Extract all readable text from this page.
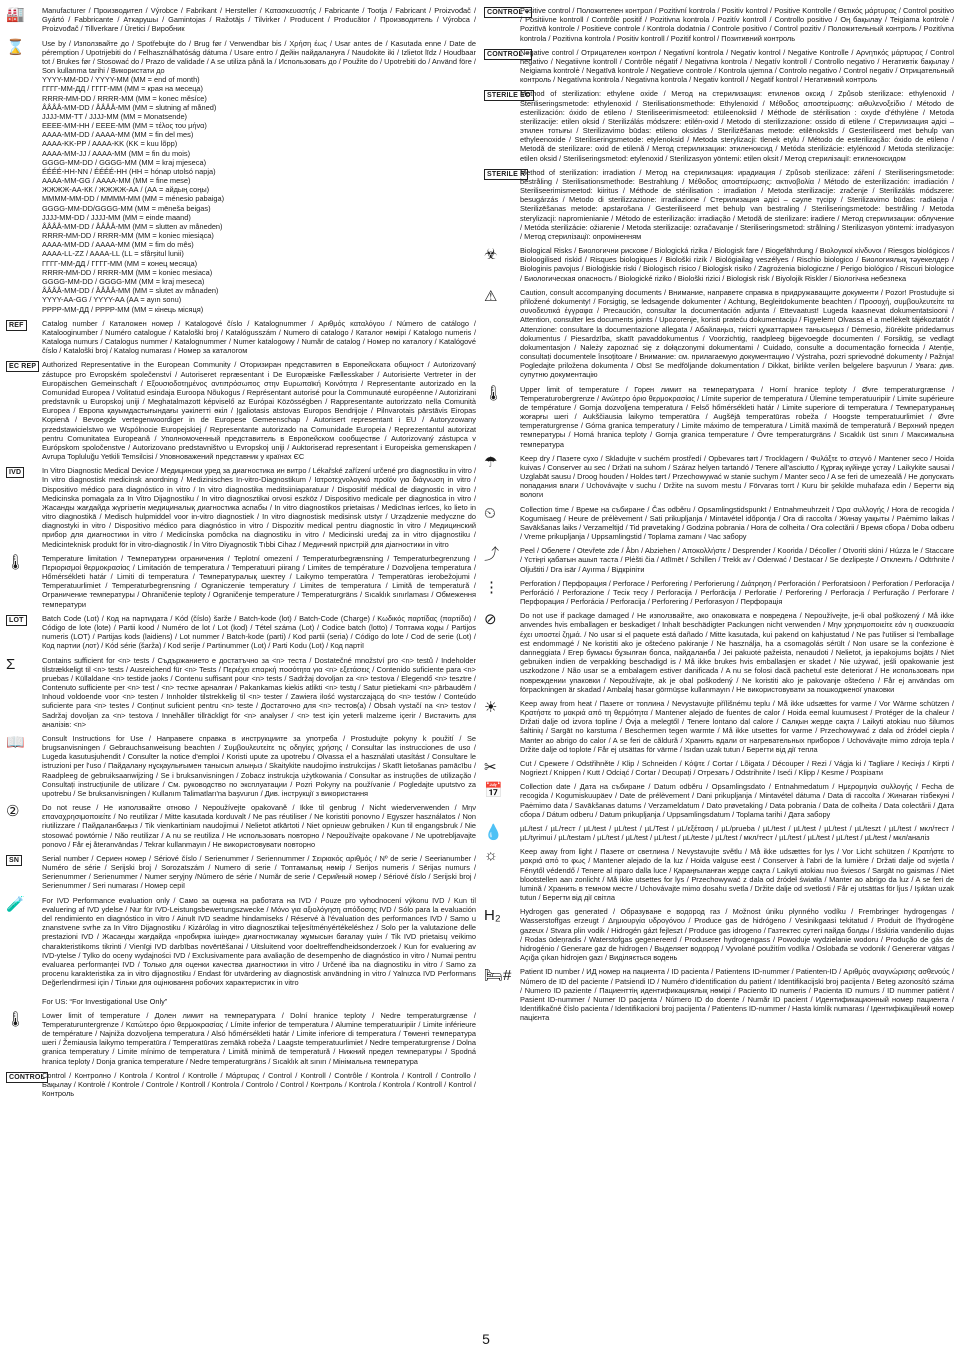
🏭 Manufacturer / Производител / Výrobce / Fabrikant / Hersteller / Κατασκευαστής / Fabricante / Tootja / Fabricant / Proizvođač / Gyártó / Fabbricante / Аткарушы / Gamintojas / Ražotājs / Tilvirker / Producent / Producător / Производитель / Výrobca / Proizvođač / Tillverkare / Üretici / Виробник
⌛ Use by / Използвайте до / Spotřebujte do / Brug før / Verwendbar bis / Χρήση έως / Usar antes de / Kasutada enne / Date de péremption / Upotrijebiti do / Felhasználhatóság dátuma / Usare entro / Дейін пайдалануға / Naudokite iki / Izlietot līdz / Houdbaar tot / Brukes før / Stosować do / Prazo de validade / A se utiliza până la / Использовать до / Použite do / Upotrebiti do / Använd före / Son kullanma tarihi / Використати до
YYYY-MM-DD / YYYY-MM (MM = end of month)
ГГГГ-ММ-ДД / ГГГГ-ММ (ММ = края на месеца)
RRRR-MM-DD / RRRR-MM (MM = konec měsíce)
ÅÅÅÅ-MM-DD / ÅÅÅÅ-MM (MM = slutning af måned)
JJJJ-MM-TT / JJJJ-MM (MM = Monatsende)
ΕΕΕΕ-ΜΜ-ΗΗ / ΕΕΕΕ-ΜΜ (ΜΜ = τέλος του μήνα)
AAAA-MM-DD / AAAA-MM (MM = fin del mes)
AAAA-KK-PP / AAAA-KK (KK = kuu lõpp)
AAAA-MM-JJ / AAAA-MM (MM = fin du mois)
GGGG-MM-DD / GGGG-MM (MM = kraj mjeseca)
ÉÉÉÉ-HH-NN / ÉÉÉÉ-HH (HH = hónap utolsó napja)
AAAA-MM-GG / AAAA-MM (MM = fine mese)
ЖЖЖЖ-АА-КК / ЖЖЖЖ-АА / (АА = айдың соңы)
MMMM-MM-DD / MMMM-MM (MM = ménesio pabaiga)
GGGG-MM-DD/GGGG-MM (MM = mēneša beigas)
JJJJ-MM-DD / JJJJ-MM (MM = einde maand)
ÅÅÅÅ-MM-DD / ÅÅÅÅ-MM (MM = slutten av måneden)
RRRR-MM-DD / RRRR-MM (MM = koniec miesiąca)
AAAA-MM-DD / AAAA-MM (MM = fim do mês)
AAAA-LL-ZZ / AAAA-LL (LL = sfârșitul lunii)
ГГГГ-ММ-ДД / ГГГГ-ММ (ММ = конец месяца)
RRRR-MM-DD / RRRR-MM (MM = koniec mesiaca)
GGGG-MM-DD / GGGG-MM (MM = kraj meseca)
ÅÅÅÅ-MM-DD / ÅÅÅÅ-MM (MM = slutet av månaden)
YYYY-AA-GG / YYYY-AA (AA = ayın sonu)
РРРР-ММ-ДД / РРРР-ММ (ММ = кінець місяця)
REF	Catalog number / Каталожен номер / Katalogové číslo / Katalognummer / Αριθμός καταλόγου / Número de catálogo / Katalooginumber / Numéro catalogue / Kataloški broj / Katalógusszám / Numero di catalogo / Каталог нөмірі / Katalogo numeris / Kataloga numurs / Catalogus nummer / Katalognummer / Numer katalogowy / Număr de catalog / Номер по каталогу / Katalógové číslo / Kataloški broj / Katalog numarası / Номер за каталогом
EC REP Authorized Representative in the European Community / Оторизиран представител в Европейската общност / Autorizovaný zástupce pro Evropském společenství / Autoriseret repræsentant i De Europæiske Fællesskaber / Autorisierte Vertreter in der Europäischen Gemeinschaft / Εξουσιοδοτημένος αντιπρόσωπος στην Ευρωπαϊκή Κοινότητα / Representante autorizado en la Comunidad Europea / Volitatud esindaja Euroopa Nõukogus / Représentant autorisé pour la Communauté européenne / Autorizirani predstavnik u Europskoj uniji / Meghatalmazott képviselő az Európai Közösségben / Rappresentante autorizzato nella Comunità Europea / Европа қауымдастығындағы уәкілетті өкіл / Įgaliotasis atstovas Europos Bendrijoje / Pilnvarotais pārstāvis Eiropas Kopienā / Bevoegde vertegenwoordiger in de Europese Gemeenschap / Autorisert representant i EU / Autoryzowany przedstawicielstwo we Wspólnocie Europejskiej / Representante autorizado na Comunidade Europeia / Reprezentantul autorizat pentru Comunitatea Europeană / Уполномоченный представитель в Европейском сообществе / Autorizovaný zástupca v Európskom spoločenstve / Autorizovano predstavništvo u Evropskoj uniji / Auktoriserad representant i Europeiska gemenskapen / Avrupa Topluluğu Yetkili Temsilcisi / Уповноважений представник у країнах ЄС
IVD	In Vitro Diagnostic Medical Device / Медицински уред за диагностика ин витро / Lékařské zařízení určené pro diagnostiku in vitro / In vitro diagnostisk medicinsk anordning / Medizinisches In-vitro-Diagnostikum / Ιατροτεχνολογικό προϊόν για διάγνωση in vitro / Dispositivo médico para diagnóstico in vitro / In vitro diagnostika meditsiiniaparatuur / Dispositif médical de diagnostic in vitro / Medicinska pomagala za In Vitro Dijagnostiku / In vitro diagnosztikai orvosi eszköz / Dispositivo medicale per diagnostica in vitro / Жасанды жағдайда жүргізетін медициналық диагностика аспабы / In vitro diagnostikos prietaisas / Medicīnas ierīces, ko lieto in vitro diagnostikā / Medisch hulpmiddel voor in-vitro diagnostiek / In vitro diagnostisk medisinsk utstyr / Urządzenie medyczne do diagnostyki in vitro / Dispositivo médico para diagnóstico in vitro / Dispozitiv medical pentru diagnostic în vitro / Медицинский прибор для диагностики in vitro / Medicínska pomôcka na diagnostiku in vitro / Medicinski uređaj za in vitro dijagnostiku / Medicinteknisk produkt för in vitro-diagnostik / İn Vitro Diyagnostik Tıbbi Cihaz / Медичний пристрій для діагностики in vitro
🌡 Temperature limitation / Температурни ограничения / Teplotní omezení / Temperaturbegrænsning / Temperaturbegrenzung / Περιορισμοί θερμοκρασίας / Limitación de temperatura / Temperatuuri piirang / Limites de température / Dozvoljena temperatura / Hőmérsékleti határ / Limiti di temperatura / Температуралық шектеу / Laikymo temperatūra / Temperatūras ierobežojumi / Temperatuurlimiet / Temperaturbegrensning / Ograniczenie temperatury / Limites de temperatura / Limită de temperatură / Ограничение температуры / Ohraničenie teploty / Ograničenje temperature / Temperaturgräns / Sıcaklık sınırlaması / Обмеження температури
LOT	Batch Code (Lot) / Код на партидата / Kód (číslo) šarže / Batch-kode (lot) / Batch-Code (Charge) / Κωδικός παρτίδας (παρτίδα) / Código de lote (lote) / Partii kood / Numéro de lot / Lot (kod) / Tétel száma (Lot) / Codice batch (lotto) / Топтама коды / Partijos numeris (LOT) / Partijas kods (laidiens) / Lot nummer / Batch-kode (parti) / Kod partii (seria) / Código do lote / Cod de serie (Lot) / Код партии (лот) / Kód série (šarža) / Kod serije / Partinummer (Lot) / Parti Kodu (Lot) / Код партії
Σ	Contains sufficient for <n> tests / Съдържанието е достатъчно за <n> теста / Dostatečné množství pro <n> testů / Indeholder tilstrækkeligt til <n> tests / Ausreichend für <n> Tests / Περιέχει επαρκή ποσότητα για <n> εξετάσεις / Contenido suficiente para <n> pruebas / Küllaldane <n> testide jaoks / Contenu suffisant pour <n> tests / Sadržaj dovoljan za <n> testova / Elegendő <n> tesztre / Contenuto sufficiente per <n> test / <n> тестке арналған / Pakankamas kiekis atlikti <n> testų / Satur pietiekami <n> pārbaudēm / Inhoud voldoende voor <n> testen / Innholder tilstrekkelig til <n> tester / Zawiera ilość wystarczającą do <n> testów / Conteúdo suficiente para <n> testes / Conținut suficient pentru <n> teste / Достаточно для <n> тестов(а) / Obsah vystačí na <n> testov / Sadržaj dovoljan za <n> testova / Innehåller tillräckligt för <n> analyser / <n> test için yeterli malzeme içerir / Вистачить для аналізів: <n>
📖 Consult Instructions for Use / Направете справка в инструкциите за употреба / Prostudujte pokyny k použití / Se brugsanvisningen / Gebrauchsanweisung beachten / Συμβουλευτείτε τις οδηγίες χρήσης / Consultar las instrucciones de uso / Lugeda kasutusjuhendit / Consulter la notice d'emploi / Koristi upute za upotrebu / Olvassa el a használati utasítást / Consultare le istruzioni per l'uso / Пайдалану нұсқаулығымен танысып алыңыз / Skaitykite naudojimo instrukcijas / Skatīt lietošanas pamācību / Raadpleeg de gebruiksaanwijzing / Se i bruksanvisningen / Zobacz instrukcja użytkowania / Consultar as instruções de utilização / Consultați instrucțiunile de utilizare / См. руководство по эксплуатации / Pozri Pokyny na používanie / Pogledajte uputstvo za upotrebu / Se bruksanvisningen / Kullanım Talimatları'na başvurun / Див. інструкції з використання
②	Do not reuse / Не използвайте отново / Nepoužívejte opakovaně / Ikke til genbrug / Nicht wiederverwenden / Μην επαναχρησιμοποιείτε / No reutilizar / Mitte kasutada korduvalt / Ne pas réutiliser / Ne koristiti ponovno / Egyszer használatos / Non riutilizzare / Пайдаланбаңыз / Tik vienkartiniam naudojimui / Nelietot atkārtoti / Niet opnieuw gebruiken / Kun til engangsbruk / Nie stosować powtórnie / Não reutilizar / A nu se reutiliza / Не использовать повторно / Nepoužívajte opakovane / Ne upotrebljavajte ponovo / Får ej återanvändas / Tekrar kullanmayın / Не використовувати повторно
SN	Serial number / Сериен номер / Sériové číslo / Serienummer / Seriennummer / Σειριακός αριθμός / Nº de serie / Seerianumber / Numéro de série / Serijski broj / Sorozatszám / Numero di serie / Топтамалық нөмір / Serijos numeris / Sērijas numurs / Serienummer / Serienummer / Numer seryjny /Número de série / Număr de serie / Серийный номер / Sériové číslo / Serijski broj / Serienummer / Seri numarası / Номер серії
🧪 For IVD Performance evaluation only / Само за оценка на работата на IVD / Pouze pro vyhodnocení výkonu IVD / Kun til evaluering af IVD ydelse / Nur für IVD-Leistungsbewertungszwecke / Μόνο για αξιολόγηση απόδοσης IVD / Sólo para la evaluación del rendimiento en diagnóstico in vitro / Ainult IVD seadme hindamiseks / Réservé à l'évaluation des performances IVD / Samo u znanstvene svrhe za In Vitro Dijagnostiku / Kizárólag in vitro diagnosztikai teljesítményértékeléshez / Solo per la valutazione delle prestazioni IVD / Жасанды жағдайда «пробирка ішінде» диагностикалау жұмысын бағалау үшін / Tik IVD prietaisų veikimo charakteristikoms tikrinti / Vienīgi IVD darbības novērtēšanai / Uitsluitend voor doeltreffendheidsonderzoek / Kun for evaluering av IVD-ytelse / Tylko do oceny wydajności IVD / Exclusivamente para avaliação de desempenho de diagnóstico in vitro / Numai pentru evaluarea performanței IVD / Только для оценки качества диагностики in vitro / Určené iba na diagnostiku in vitro / Samo za procenu karakteristika za in vitro dijagnostiku / Endast för utvärdering av diagnostisk användning in vitro / Yalnızca IVD Performans Değerlendirmesi için / Тільки для оцінювання робочих характеристик in vitro

For US: “For Investigational Use Only”
🌡 Lower limit of temperature / Долен лимит на температурата / Dolní hranice teploty / Nedre temperaturgrænse / Temperaturuntergrenze / Κατώτερο όριο θερμοκρασίας / Límite inferior de temperatura / Alumine temperatuuripiir / Limite inférieure de température / Najniža dozvoljena temperatura / Alsó hőmérsékleti határ / Limite inferiore di temperatura / Төменгі температура шегі / Žemiausia laikymo temperatūra / Temperatūras zemākā robeža / Laagste temperatuurlimiet / Nedre temperaturgrense / Dolna granica temperatury / Limite mínimo de temperatura / Limită minimă de temperatură / Нижний предел температуры / Spodná hranica teploty / Donja granica temperature / Nedre temperaturgräns / Sıcaklık alt sınırı / Мінімальна температура
CONTROL
Control / Контролно / Kontrola / Kontrol / Kontrolle / Μάρτυρας / Control / Kontroll / Contrôle / Kontrola / Kontroll / Controllo / Бақылау / Kontrolė / Kontrole / Controle / Kontroll / Kontrola / Controlo / Control / Контроль / Kontrola / Kontrola / Kontroll / Kontrol / Контроль
CONTROL +
Positive control / Положителен контрол / Pozitivní kontrola / Positiv kontrol / Positive Kontrolle / Θετικός μάρτυρας / Control positivo / Positiivne kontroll / Contrôle positif / Pozitivna kontrola / Pozitív kontroll / Controllo positivo / Оң бақылау / Teigiama kontrolė / Pozitīvā kontrole / Positieve controle / Kontrola dodatnia / Controle positivo / Control pozitiv / Положительный контроль / Pozitívna kontrola / Pozitivna kontrola / Positiv kontroll / Pozitif kontrol / Позитивний контроль
CONTROL −
Negative control / Отрицателен контрол / Negativní kontrola / Negativ kontrol / Negative Kontrolle / Αρνητικός μάρτυρας / Control negativo / Negatiivne kontroll / Contrôle négatif / Negativna kontrola / Negatív kontroll / Controllo negativo / Негативтік бақылау / Neigiama kontrolė / Negatīvā kontrole / Negatieve controle / Kontrola ujemna / Controlo negativo / Control negativ / Отрицательный контроль / Negatívna kontrola / Negativna kontrola / Negativ kontroll / Negatif kontrol / Негативний контроль
STERILE EO
Method of sterilization: ethylene oxide / Метод на стерилизация: етиленов оксид / Způsob sterilizace: ethylenoxid / Steriliseringsmetode: ethylenoxid / Sterilisationsmethode: Ethylenoxid / Μέθοδος αποστείρωσης: αιθυλενοξείδιο / Método de esterilización: óxido de etileno / Steriliseerimismeetod: etüleenoksiid / Méthode de stérilisation : oxyde d'éthylène / Metoda sterilizacije: etilen oksid / Sterilizálás módszere: etilén-oxid / Metodo di sterilizzazione: ossido di etilene / Стерилизация әдісі – этилен тотығы / Sterilizavimo būdas: etileno oksidas / Sterilizēšanas metode: etilēnoksīds / Gesteriliseerd met behulp van ethyleenoxide / Steriliseringsmetode: etylenoksid / Metoda sterylizacji: tlenek etylu / Método de esterilização: óxido de etileno / Metodă de sterilizare: oxid de etilenă / Метод стерилизации: этиленоксид / Metóda sterilizácie: etylénoxid / Metoda sterilizacije: etilen oksid / Steriliseringsmetod: etylenoxid / Sterilizasyon yöntemi: etilen oksit / Метод стерилізації: етиленоксидом
STERILE R
Method of sterilization: irradiation / Метод на стерилизация: ирадиация / Způsob sterilizace: záření / Steriliseringsmetode: bestråling / Sterilisationsmethode: Bestrahlung / Μέθοδος αποστείρωσης: ακτινοβολία / Método de esterilización: irradiación / Steriliseerimismeetod: kiiritus / Méthode de stérilisation : irradiation / Metoda sterilizacije: zračenje / Sterilizálás módszere: besugárzás / Metodo di sterilizzazione: irradiazione / Стерилизация әдісі – сәуле түсіру / Sterilizavimo būdas: radiacija / Sterilizēšanas metode: apstarošana / Gesteriliseerd met behulp van bestraling / Steriliseringsmetode: bestråling / Metoda sterylizacji: napromienianie / Método de esterilização: irradiação / Metodă de sterilizare: iradiere / Метод стерилизации: облучение / Metóda sterilizácie: ožiarenie / Metoda sterilizacije: ozračavanje / Steriliseringsmetod: strålning / Sterilizasyon yöntemi: irradyasyon / Метод стерилізації: опроміненням
☣	Biological Risks / Биологични рискове / Biologická rizika / Biologisk fare / Biogefährdung / Βιολογικοί κίνδυνοι / Riesgos biológicos / Bioloogilised riskid / Risques biologiques / Biološki rizik / Biológiailag veszélyes / Rischio biologico / Биологиялық тәуекелдер / Biologinis pavojus / Bioloģiskie riski / Biologisch risico / Biologisk risiko / Zagrożenia biologiczne / Perigo biológico / Riscuri biologice / Биологическая опасность / Biologické riziko / Biološki rizici / Biologisk risk / Biyolojik Riskler / Біологічна небезпека
⚠	Caution, consult accompanying documents / Внимание, направете справка в придружаващите документи / Pozor! Prostudujte si přiložené dokumenty! / Forsigtig, se ledsagende dokumenter / Achtung, Begleitdokumente beachten / Προσοχή, συμβουλευτείτε τα συνοδευτικά έγγραφα / Precaución, consultar la documentación adjunta / Ettevaatust! Lugeda kaasnevat dokumentatsiooni / Attention, consulter les documents joints / Upozorenje, koristi prateću dokumentaciju / Figyelem! Olvassa el a mellékelt tájékoztatót / Attenzione: consultare la documentazione allegata / Абайлаңыз, тиісті құжаттармен танысыңыз / Dėmesio, žiūrėkite pridedamus dokumentus / Piesardzība, skatīt pavaddokumentus / Voorzichtig, raadpleeg bijgevoegde documenten / Forsiktig, se vedlagt dokumentasjon / Należy zapoznać się z dołączonymi dokumentami / Cuidado, consulte a documentação fornecida / Atenție, consultați documentele însoțitoare / Внимание: см. прилагаемую документацию / Výstraha, pozri sprievodné dokumenty / Pažnja! Pogledajte priložena dokumenta / Obs! Se medföljande dokumentation / Dikkat, birlikte verilen belgelere başvurun / Увага: див. супутню документацію
🌡 Upper limit of temperature / Горен лимит на температурата / Horní hranice teploty / Øvre temperaturgrænse / Temperaturobergrenze / Ανώτερο όριο θερμοκρασίας / Límite superior de temperatura / Ülemine temperatuuripiir / Limite supérieure de température / Gornja dozvoljena temperatura / Felső hőmérsékleti határ / Limite superiore di temperatura / Температураның жоғарғы шегі / Aukščiausia laikymo temperatūra / Augšējā temperatūras robeža / Hoogste temperatuurlimiet / Øvre temperaturgrense / Górna granica temperatury / Limite máximo de temperatura / Limită maximă de temperatură / Верхний предел температуры / Horná hranica teploty / Gornja granica temperature / Övre temperaturgräns / Sıcaklık üst sınırı / Максимальна температура
☂	Keep dry / Пазете сухо / Skladujte v suchém prostředí / Opbevares tørt / Trocklagern / Φυλάξτε το στεγνό / Mantener seco / Hoida kuivas / Conserver au sec / Držati na suhom / Száraz helyen tartandó / Tenere all'asciutto / Құрғақ күйінде ұстау / Laikykite sausai / Uzglabāt sausu / Droog houden / Holdes tørt / Przechowywać w stanie suchym / Manter seco / A se feri de umezeală / Не допускать попадания влаги / Uchovávajte v suchu / Držite na suvom mestu / Förvaras torrt / Kuru bir şekilde muhafaza edin / Берегти від вологи
⏲	Collection time / Време на събиране / Čas odběru / Opsamlingstidspunkt / Entnahmeuhrzeit / Ώρα συλλογής / Hora de recogida / Kogumisaeg / Heure de prélèvement / Sati prikupljanja / Mintavétel időpontja / Ora di raccolta / Жинау уақыты / Paėmimo laikas / Savākšanas laiks / Verzameltijd / Tid prøvetaking / Godzina pobrania / Hora de colheita / Ora colectării / Время сбора / Doba odberu / Vreme prikupljanja / Uppsamlingstid / Toplama zamanı / Час забору
⤴	Peel / Обелете / Otevřete zde / Åbn / Abziehen / Αποκολλήστε / Desprender / Koorida / Décoller / Otvoriti skini / Húzza le / Staccare / Үстіңгі қабатын ашып таста / Plėšti čia / Atlīmēt / Schillen / Trekk av / Oderwać / Destacar / Se dezlipește / Отклеить / Odtrhnite / Oljuštiti / Dra isär / Ayırma / Відкріпіти
⋮	Perforation / Перфорация / Perforace / Perforering / Perforierung / Διάτρηση / Perforación / Perforatsioon / Perforation / Perforacija / Perforáció / Perforazione / Тесік тесу / Perforacija / Perforācija / Perforatie / Perforering / Perforacja / Perfuração / Perforare / Перфорация / Perforácia / Perforacija / Perforering / Perforasyon / Перфорація
⊘	Do not use if package damaged / Не използвайте, ако опаковката е повредена / Nepoužívejte, je-li obal poškozený / Må ikke anvendes hvis emballagen er beskadiget / Inhalt beschädigter Packungen nicht verwenden / Μην χρησιμοποιείτε εάν η συσκευασία έχει υποστεί ζημιά. / No usar si el paquete está dañado / Mitte kasutada, kui pakend on kahjustatud / Ne pas l'utiliser si l'emballage est endommagé / Ne koristiti ako je oštećeno pakiranje / Ne használja, ha a csomagolás sérült / Non usare se la confezione è danneggiata / Егер бумасы бұзылған болса, пайдаланба / Jei pakuotė pažeista, nenaudoti / Nelietot, ja iepakojums bojāts / Niet gebruiken indien de verpakking beschadigd is / Må ikke brukes hvis emballasjen er skadet / Nie używać, jeśli opakowanie jest uszkodzone / Não usar se a embalagem estiver danificada / A nu se folosi dacă pachetul este deteriorat / Не использовать при повреждении упаковки / Nepoužívajte, ak je obal poškodený / Ne koristiti ako je pakovanje oštećeno / Får ej användas om förpackningen är skadad / Ambalaj hasar görmüşse kullanmayın / Не використовувати за пошкодженої упаковки
☀	Keep away from heat / Пазете от топлина / Nevystavujte přílišnému teplu / Må ikke udsættes for varme / Vor Wärme schützen / Κρατήστε το μακριά από τη θερμότητα / Mantener alejado de fuentes de calor / Hoida eemal kuumusest / Protéger de la chaleur / Držati dalje od izvora topline / Óvja a melegtől / Tenere lontano dal calore / Салқын жерде сақта / Laikyti atokiau nuo šilumos šaltinių / Sargāt no karstuma / Beschermen tegen warmte / Må ikke utsettes for varme / Przechowywać z dala od źródeł ciepła / Manter ao abrigo do calor / A se feri de căldură / Хранить вдали от нагревательных приборов / Uchovávajte mimo zdroja tepla / Držite dalje od toplote / Får ej utsättas för värme / Isıdan uzak tutun / Берегти від дії тепла
✂	Cut / Срежете / Odstřihněte / Klip / Schneiden / Κόψτε / Cortar / Lõigata / Découper / Rezi / Vágja ki / Tagliare / Кесіңіз / Kirpti / Nogriezt / Knippen / Kutt / Odciąć / Cortar / Decupați / Отрезать / Odstrihnite / Iseći / Klipp / Kesme / Розрізати
📅 Collection date / Дата на събиране / Datum odběru / Opsamlingsdato / Entnahmedatum / Ημερομηνία συλλογής / Fecha de recogida / Kogumiskuupäev / Date de prélèvement / Dani prikupljanja / Mintavétel dátuma / Data di raccolta / Жинаған тізбекуні / Paėmimo data / Savākšanas datums / Verzameldatum / Dato prøvetaking / Data pobrania / Data de colheita / Data colectării / Дата сбора / Dátum odberu / Datum prikupljanja / Uppsamlingsdatum / Toplama tarihi / Дата забору
💧 µL/test / µL/тест / µL/test / µL/test / µL/Test / µL/εξέταση / µL/prueba / µL/test / µL/test / µL/test / µL/teszt / µL/test / мкл/тест / µL/tyrimui / µL/testam / µL/test / µL/test / µL/test / µL/teste / µL/test / мкл/тест / µL/test / µL/test / µL/test / µL/test / мкл/аналіз
☼	Keep away from light / Пазете от светлина / Nevystavujte světlu / Må ikke udsættes for lys / Vor Licht schützen / Κρατήστε το μακριά από το φως / Mantener alejado de la luz / Hoida valguse eest / Conserver à l'abri de la lumière / Držati dalje od svjetla / Fénytől védendő / Tenere al riparo dalla luce / Қараңғыланған жерде сақта / Laikyti atokiau nuo šviesos / Sargāt no gaismas / Niet blootstellen aan zonlicht / Må ikke utsettes for lys / Przechowywać z dala od źródeł światła / Manter ao abrigo da luz / A se feri de lumină / Хранить в темном месте / Uchovávajte mimo dosahu svetla / Držite dalje od svetlosti / Får ej utsättas för ljus / Işıktan uzak tutun / Берегти від дії світла
H₂	Hydrogen gas generated / Образуване е водород газ / Možnost úniku plynného vodíku / Frembringer hydrogengas / Wasserstoffgas erzeugt / Δημιουργία υδρογόνου / Produce gas de hidrógeno / Vesinikgaasi tekitatud / Produit de l'hydrogène gazeux / Stvara plin vodik / Hidrogén gázt fejleszt / Produce gas idrogeno / Газтектес сутегі пайда болды / Išskiria vandenilio dujas / Rodas ūdeņradis / Waterstofgas gegenereerd / Produserer hydrogengass / Powoduje wydzielanie wodoru / Produção de gás de hidrogénio / Generare gaz de hidrogen / Выделяет водород / Vyvolané použitím vodíka / Oslobađa se vodonik / Genererar vätgas / Açığa çıkan hidrojen gazı / Виділяється водень
🛏# Patient ID number / ИД номер на пациента / ID pacienta / Patientens ID-nummer / Patienten-ID / Αριθμός αναγνώρισης ασθενούς / Número de ID del paciente / Patsiendi ID / Numéro d'identification du patient / Identifikacijski broj pacijenta / Beteg azonosító száma / Numero ID paziente / Пациенттің идентификациялық нөмірі / Paciento ID numeris / Pacienta ID numurs / ID nummer patiënt / Pasient ID-nummer / Numer ID pacjenta / Número ID do doente / Număr ID pacient / Идентификационный номер пациента / Identifikačné číslo pacienta / Identifikacioni broj pacijenta / Patientens ID-nummer / Hasta kimlik numarası / Ідентифікаційний номер пацієнта
5
